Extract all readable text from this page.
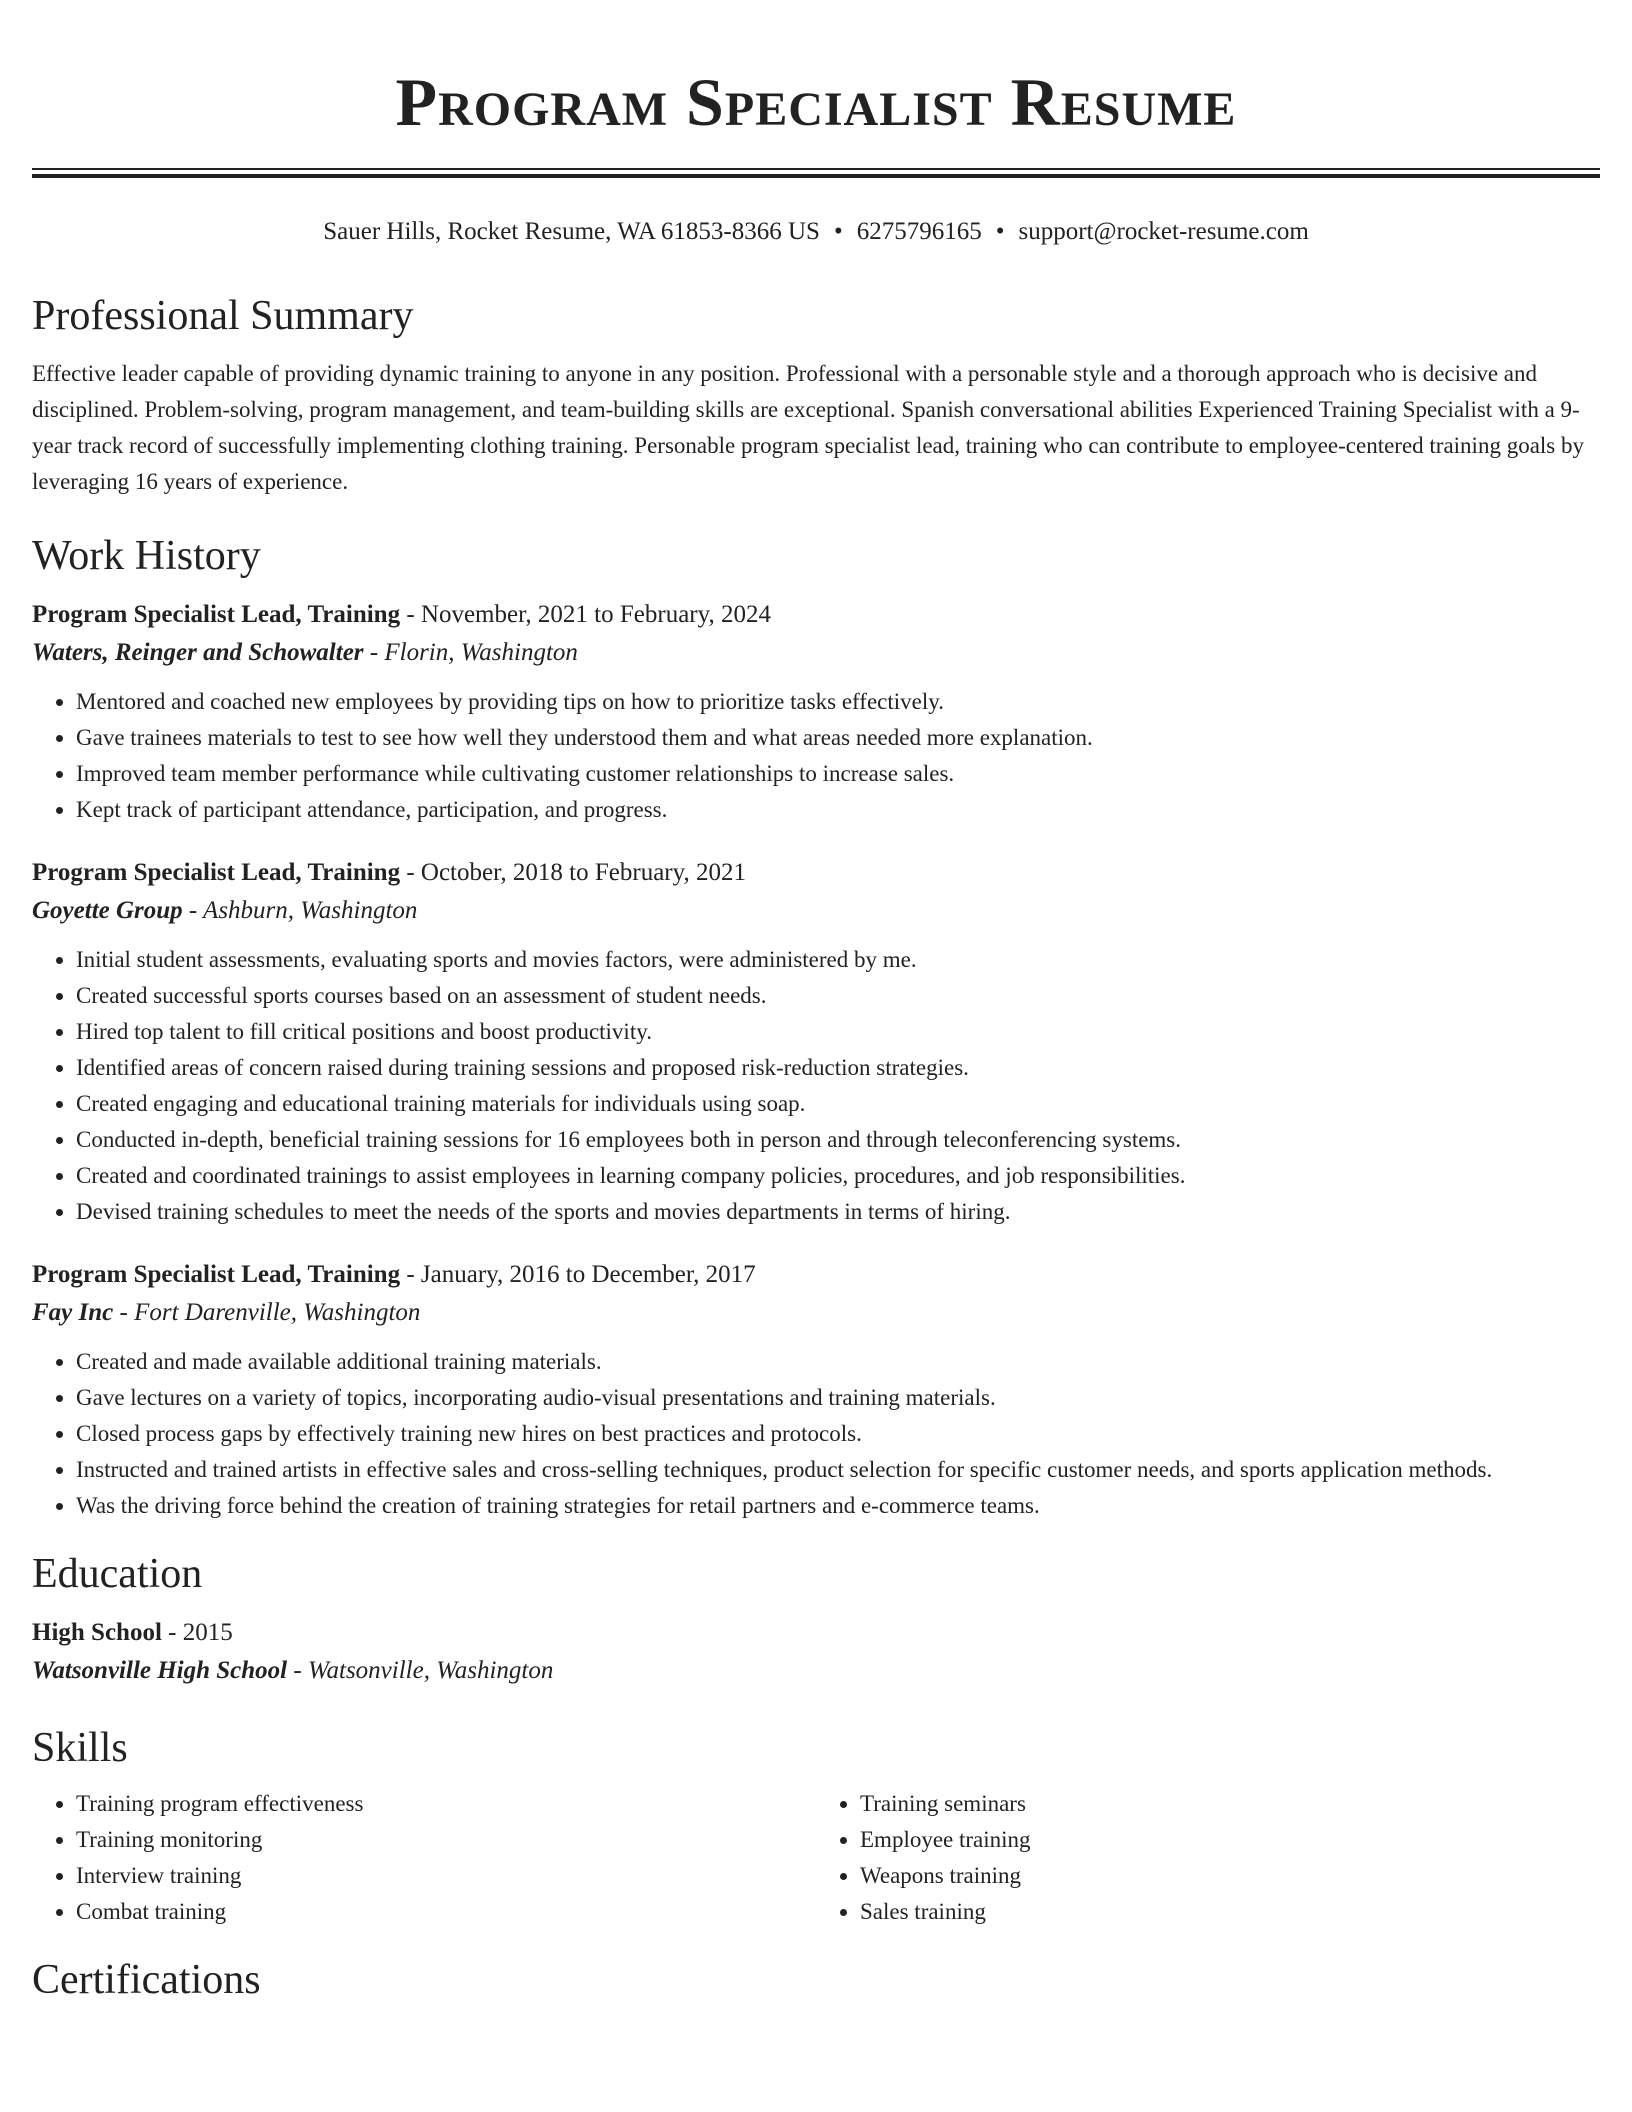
Program Specialist Resume
Sauer Hills, Rocket Resume, WA 61853-8366 US • 6275796165 • support@rocket-resume.com
Professional Summary

Effective leader capable of providing dynamic training to anyone in any position. Professional with a personable style and a thorough approach who is decisive and disciplined. Problem-solving, program management, and team-building skills are exceptional. Spanish conversational abilities Experienced Training Specialist with a 9-year track record of successfully implementing clothing training. Personable program specialist lead, training who can contribute to employee-centered training goals by leveraging 16 years of experience.

Work History
Program Specialist Lead, Training - November, 2021 to February, 2024
Waters, Reinger and Schowalter - Florin, Washington
• Mentored and coached new employees by providing tips on how to prioritize tasks effectively.
• Gave trainees materials to test to see how well they understood them and what areas needed more explanation.
• Improved team member performance while cultivating customer relationships to increase sales.
• Kept track of participant attendance, participation, and progress.
Program Specialist Lead, Training - October, 2018 to February, 2021
Goyette Group - Ashburn, Washington
• Initial student assessments, evaluating sports and movies factors, were administered by me.
• Created successful sports courses based on an assessment of student needs.
• Hired top talent to fill critical positions and boost productivity.
• Identified areas of concern raised during training sessions and proposed risk-reduction strategies.
• Created engaging and educational training materials for individuals using soap.
• Conducted in-depth, beneficial training sessions for 16 employees both in person and through teleconferencing systems.
• Created and coordinated trainings to assist employees in learning company policies, procedures, and job responsibilities.
• Devised training schedules to meet the needs of the sports and movies departments in terms of hiring.
Program Specialist Lead, Training - January, 2016 to December, 2017
Fay Inc - Fort Darenville, Washington
• Created and made available additional training materials.
• Gave lectures on a variety of topics, incorporating audio-visual presentations and training materials.
• Closed process gaps by effectively training new hires on best practices and protocols.
• Instructed and trained artists in effective sales and cross-selling techniques, product selection for specific customer needs, and sports application methods.
• Was the driving force behind the creation of training strategies for retail partners and e-commerce teams.
Education
High School - 2015
Watsonville High School - Watsonville, Washington
Skills
• Training program effectiveness
• Training monitoring
• Interview training
• Combat training
• Training seminars
• Employee training
• Weapons training
• Sales training
Certifications
